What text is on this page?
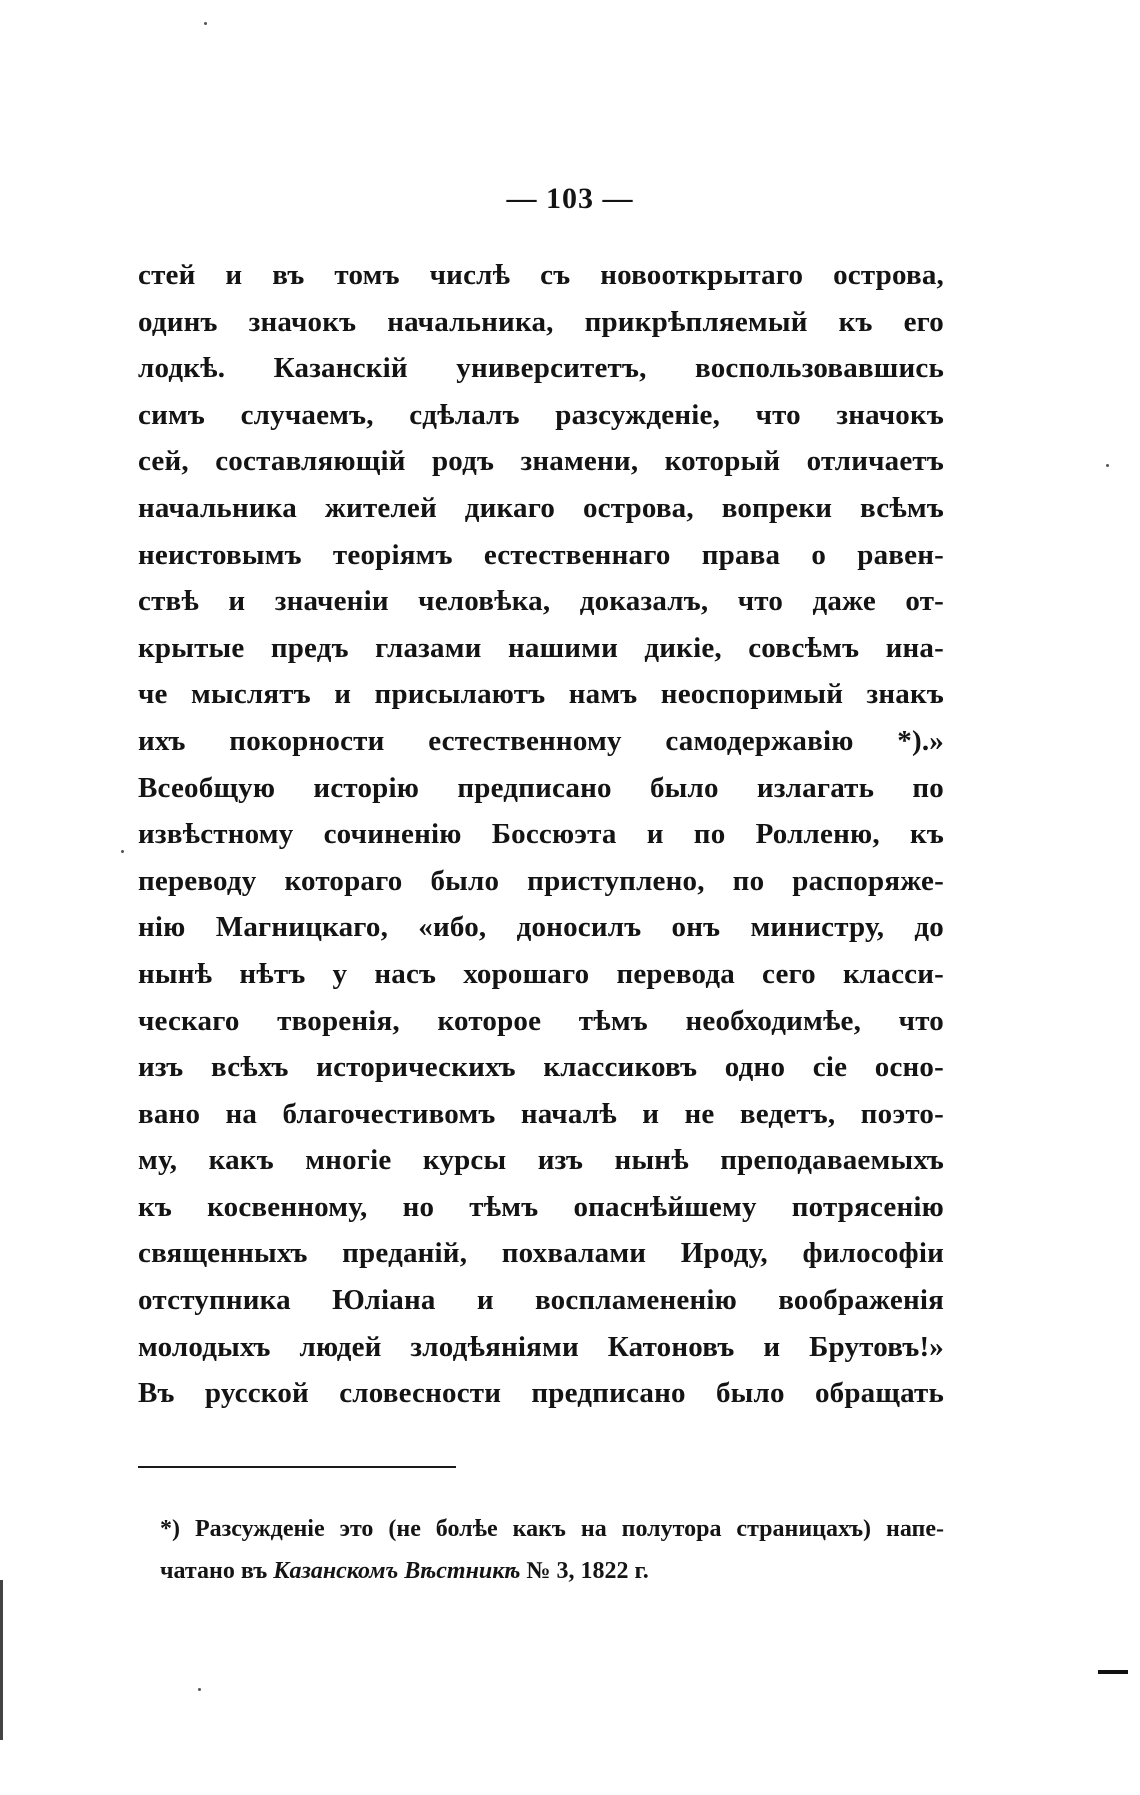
— 103 —
стей и въ томъ числѣ съ новооткрытаго острова,
одинъ значокъ начальника, прикрѣпляемый къ его
лодкѣ. Казанскій университетъ, воспользовавшись
симъ случаемъ, сдѣлалъ разсужденіе, что значокъ
сей, составляющій родъ знамени, который отличаетъ
начальника жителей дикаго острова, вопреки всѣмъ
неистовымъ теоріямъ естественнаго права о равен-
ствѣ и значеніи человѣка, доказалъ, что даже от-
крытые предъ глазами нашими дикіе, совсѣмъ ина-
че мыслятъ и присылаютъ намъ неоспоримый знакъ
ихъ покорности естественному самодержавію *).»
Всеобщую исторію предписано было излагать по
извѣстному сочиненію Боссюэта и по Ролленю, къ
переводу котораго было приступлено, по распоряже-
нію Магницкаго, «ибо, доносилъ онъ министру, до
нынѣ нѣтъ у насъ хорошаго перевода сего класси-
ческаго творенія, которое тѣмъ необходимѣе, что
изъ всѣхъ историческихъ классиковъ одно сіе осно-
вано на благочестивомъ началѣ и не ведетъ, поэто-
му, какъ многіе курсы изъ нынѣ преподаваемыхъ
къ косвенному, но тѣмъ опаснѣйшему потрясенію
священныхъ преданій, похвалами Ироду, философіи
отступника Юліана и воспламененію воображенія
молодыхъ людей злодѣяніями Катоновъ и Брутовъ!»
Въ русской словесности предписано было обращать
*) Разсужденіе это (не болѣе какъ на полутора страницахъ) напе-
чатано въ Казанскомъ Вѣстникѣ № 3, 1822 г.
